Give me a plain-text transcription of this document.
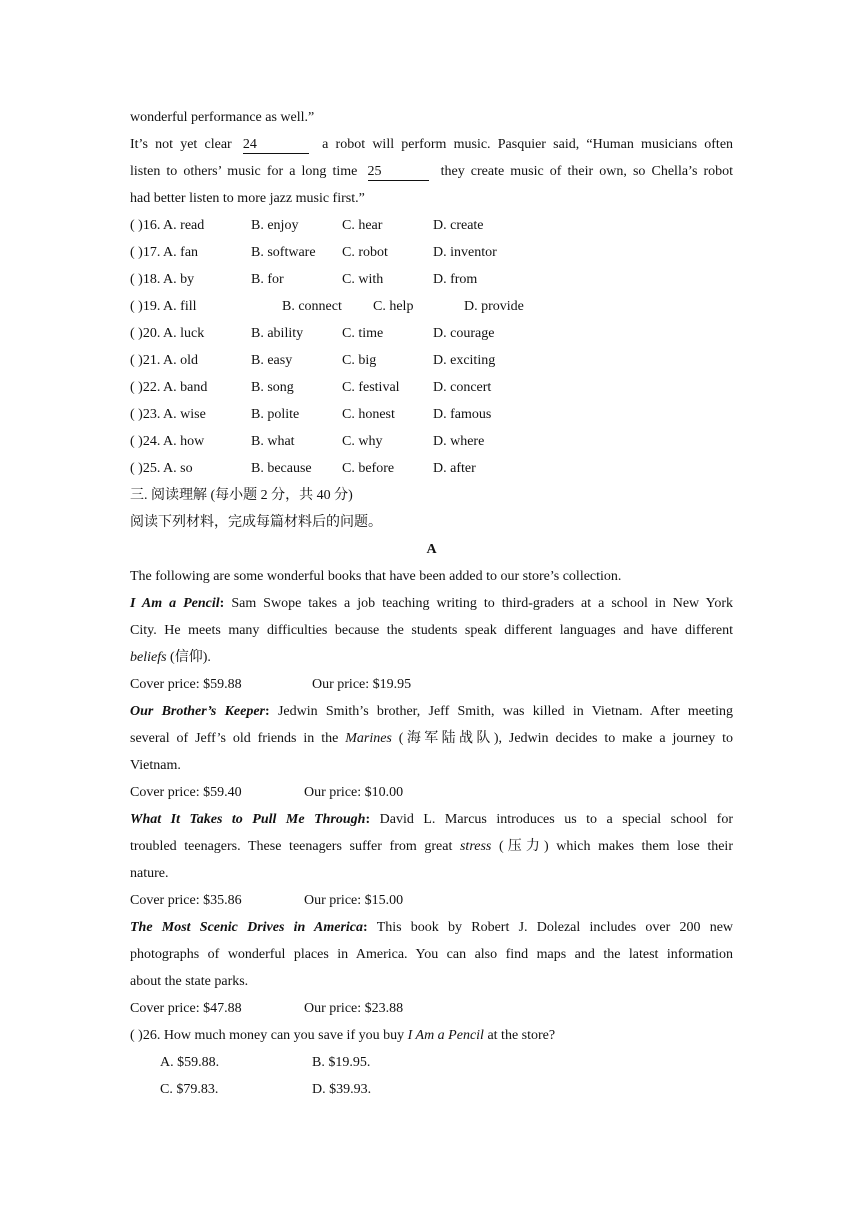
wonderful performance as well.”
It’s not yet clear 24	a robot will perform music. Pasquier said, “Human musicians often
listen to others’ music for a long time 25	they create music of their own, so Chella’s robot
had better listen to more jazz music first.”
( )16. A. read	B. enjoy	C. hear	D. create
( )17. A. fan	B. software C. robot	D. inventor
( )18. A. by	B. for	C. with	D. from
( )19. A. fill	B. connect C. help	D. provide
( )20. A. luck	B. ability	C. time	D. courage
( )21. A. old	B. easy	C. big	D. exciting
( )22. A. band	B. song	C. festival D. concert
( )23. A. wise	B. polite	C. honest	D. famous
( )24. A. how	B. what	C. why	D. where
( )25. A. so	B. because C. before	D. after
三. 阅读理解 (每小题 2 分，共 40 分)
阅读下列材料，完成每篇材料后的问题。
A
The following are some wonderful books that have been added to our store’s collection.
I Am a Pencil: Sam Swope takes a job teaching writing to third-graders at a school in New York
City. He meets many difficulties because the students speak different languages and have different
beliefs (信仰).
Cover price: $59.88	Our price: $19.95
Our Brother’s Keeper: Jedwin Smith’s brother, Jeff Smith, was killed in Vietnam. After meeting
several of Jeff’s old friends in the Marines (海军陆战队), Jedwin decides to make a journey to
Vietnam.
Cover price: $59.40	Our price: $10.00
What It Takes to Pull Me Through: David L. Marcus introduces us to a special school for
troubled teenagers. These teenagers suffer from great stress (压力) which makes them lose their
nature.
Cover price: $35.86	Our price: $15.00
The Most Scenic Drives in America: This book by Robert J. Dolezal includes over 200 new
photographs of wonderful places in America. You can also find maps and the latest information
about the state parks.
Cover price: $47.88	Our price: $23.88
( )26. How much money can you save if you buy I Am a Pencil at the store?
A. $59.88.	B. $19.95.
C. $79.83.	D. $39.93.
